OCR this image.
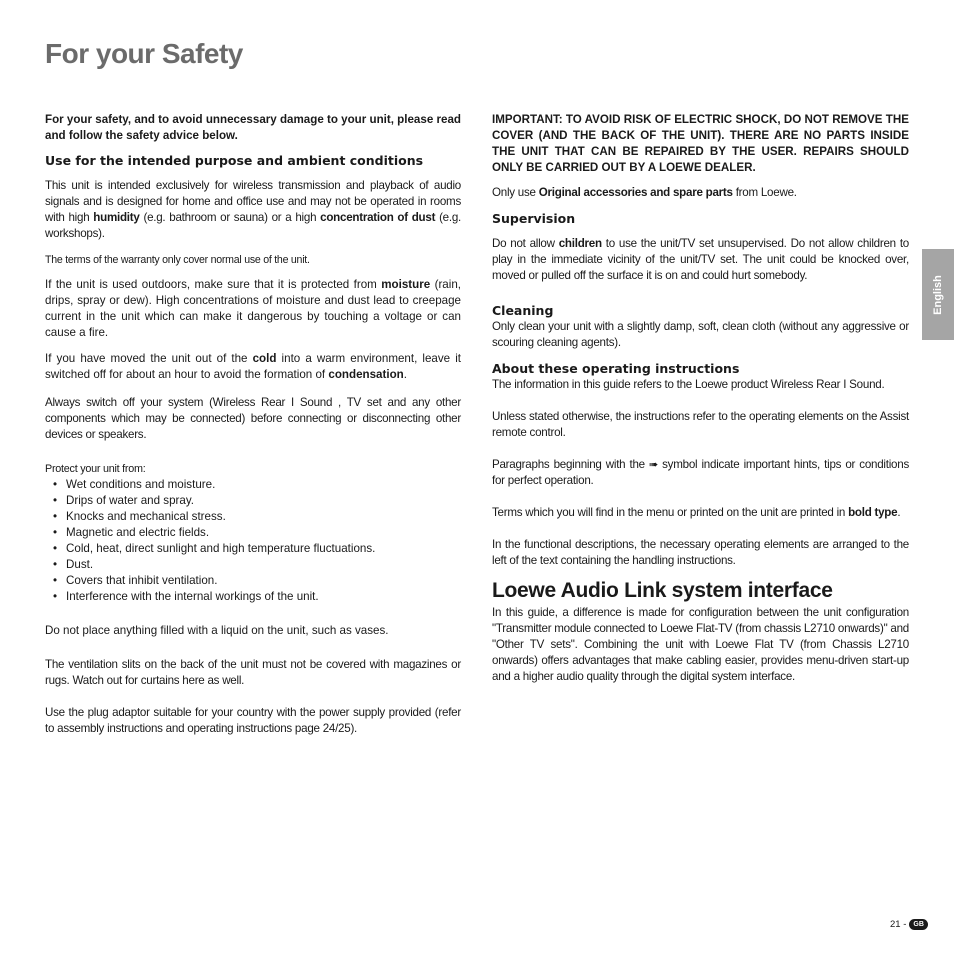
For your Safety

For your safety, and to avoid unnecessary damage to your unit, please read and follow the safety advice below.

Use for the intended purpose and ambient conditions

This unit is intended exclusively for wireless transmission and playback of audio signals and is designed for home and office use and may not be operated in rooms with high humidity (e.g. bathroom or sauna) or a high concentration of dust (e.g. workshops).

The terms of the warranty only cover normal use of the unit.

If the unit is used outdoors, make sure that it is protected from moisture (rain, drips, spray or dew). High concentrations of moisture and dust lead to creepage current in the unit which can make it dangerous by touching a voltage or can cause a fire.

If you have moved the unit out of the cold into a warm environment, leave it switched off for about an hour to avoid the formation of condensation.

Always switch off your system (Wireless Rear I Sound , TV set and any other components which may be connected) before connecting or disconnecting other devices or speakers.

Protect your unit from:

• Wet conditions and moisture.
• Drips of water and spray.
• Knocks and mechanical stress.
• Magnetic and electric fields.
• Cold, heat, direct sunlight and high temperature fluctuations.
• Dust.
• Covers that inhibit ventilation.
• Interference with the internal workings of the unit.

Do not place anything filled with a liquid on the unit, such as vases.

The ventilation slits on the back of the unit must not be covered with magazines or rugs. Watch out for curtains here as well.

Use the plug adaptor suitable for your country with the power supply provided (refer to assembly instructions and operating instructions page 24/25).

IMPORTANT: TO AVOID RISK OF ELECTRIC SHOCK, DO NOT REMOVE THE COVER (AND THE BACK OF THE UNIT). THERE ARE NO PARTS INSIDE THE UNIT THAT CAN BE REPAIRED BY THE USER. REPAIRS SHOULD ONLY BE CARRIED OUT BY A LOEWE DEALER.

Only use Original accessories and spare parts from Loewe.

Supervision

Do not allow children to use the unit/TV set unsupervised. Do not allow children to play in the immediate vicinity of the unit/TV set. The unit could be knocked over, moved or pulled off the surface it is on and could hurt somebody.

Cleaning

Only clean your unit with a slightly damp, soft, clean cloth (without any aggressive or scouring cleaning agents).

About these operating instructions

The information in this guide refers to the Loewe product Wireless Rear I Sound.

Unless stated otherwise, the instructions refer to the operating elements on the Assist remote control.

Paragraphs beginning with the ➠ symbol indicate important hints, tips or conditions for perfect operation.

Terms which you will find in the menu or printed on the unit are printed in bold type.

In the functional descriptions, the necessary operating elements are arranged to the left of the text containing the handling instructions.

Loewe Audio Link system interface

In this guide, a difference is made for configuration between the unit configuration "Transmitter module connected to Loewe Flat-TV (from chassis L2710 onwards)" and "Other TV sets". Combining the unit with Loewe Flat TV (from Chassis L2710 onwards) offers advantages that make cabling easier, provides menu-driven start-up and a higher audio quality through the digital system interface.

English
21 -	GB
